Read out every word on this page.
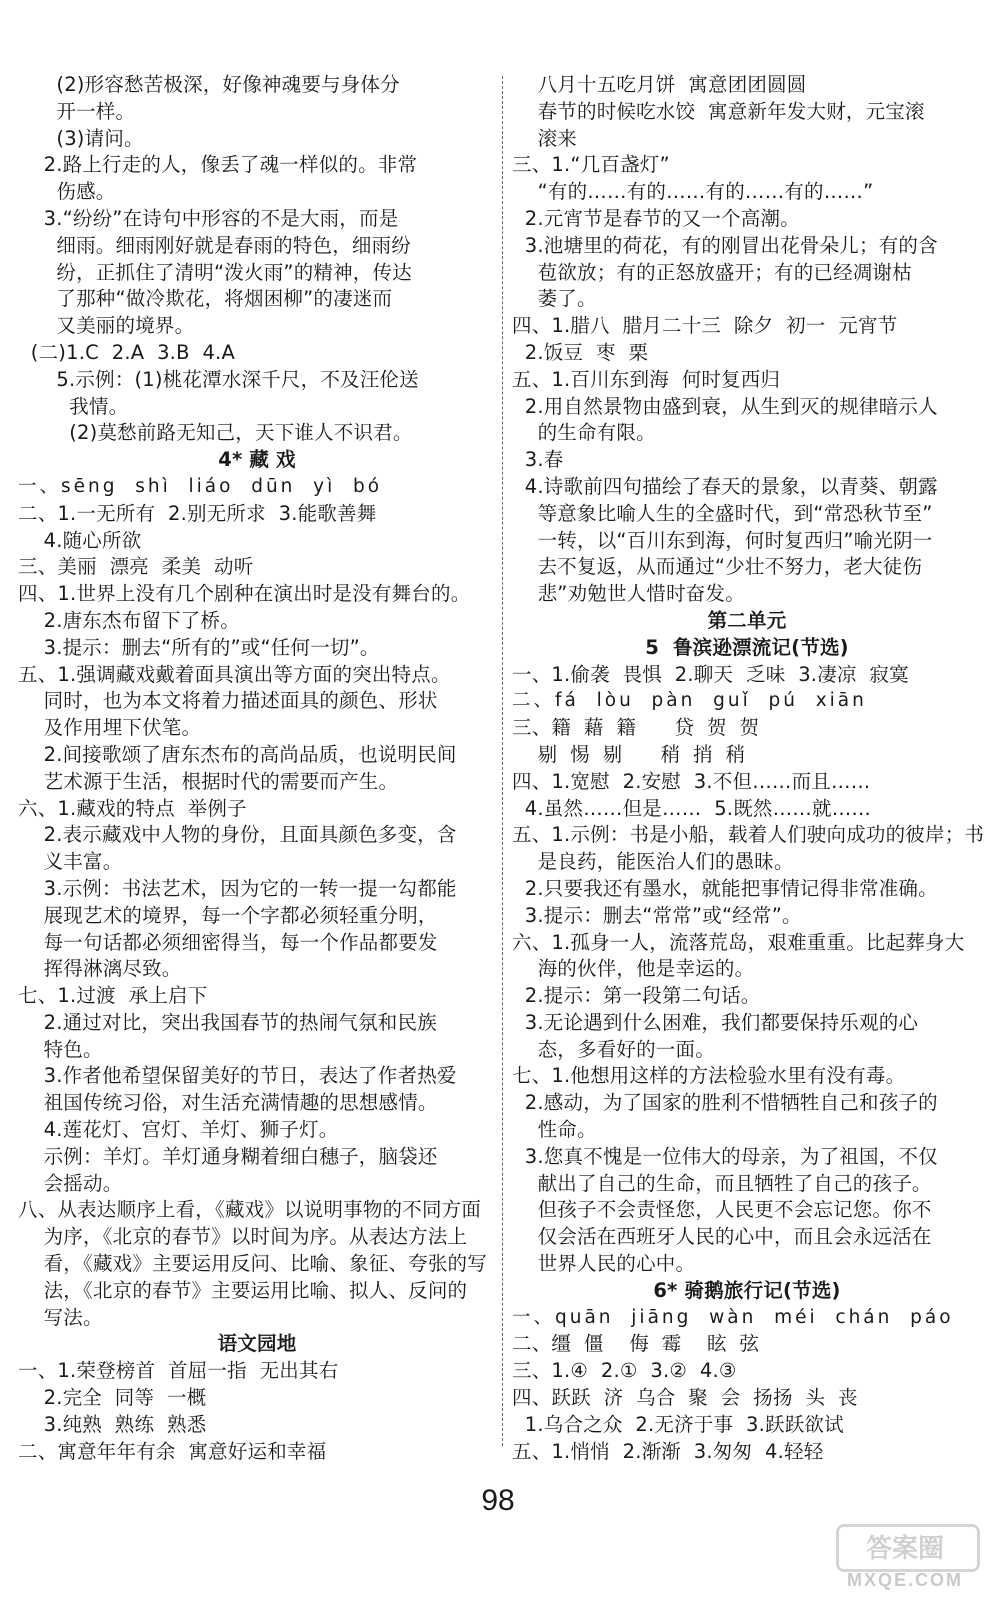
(2)形容愁苦极深，好像神魂要与身体分
开一样。
(3)请问。
2.路上行走的人，像丢了魂一样似的。非常
伤感。
3.“纷纷”在诗句中形容的不是大雨，而是
细雨。细雨刚好就是春雨的特色，细雨纷
纷，正抓住了清明“泼火雨”的精神，传达
了那种“做冷欺花，将烟困柳”的凄迷而
又美丽的境界。
(二)1.C  2.A  3.B  4.A
5.示例：(1)桃花潭水深千尺，不及汪伦送
我情。
(2)莫愁前路无知己，天下谁人不识君。
4* 藏 戏
一、sēng  shì  liáo  dūn  yì  bó
二、1.一无所有  2.别无所求  3.能歌善舞
4.随心所欲
三、美丽  漂亮  柔美  动听
四、1.世界上没有几个剧种在演出时是没有舞台的。
2.唐东杰布留下了桥。
3.提示：删去“所有的”或“任何一切”。
五、1.强调藏戏戴着面具演出等方面的突出特点。
同时，也为本文将着力描述面具的颜色、形状
及作用埋下伏笔。
2.间接歌颂了唐东杰布的高尚品质，也说明民间
艺术源于生活，根据时代的需要而产生。
六、1.藏戏的特点  举例子
2.表示藏戏中人物的身份，且面具颜色多变，含
义丰富。
3.示例：书法艺术，因为它的一转一提一勾都能
展现艺术的境界，每一个字都必须轻重分明，
每一句话都必须细密得当，每一个作品都要发
挥得淋漓尽致。
七、1.过渡  承上启下
2.通过对比，突出我国春节的热闹气氛和民族
特色。
3.作者他希望保留美好的节日，表达了作者热爱
祖国传统习俗，对生活充满情趣的思想感情。
4.莲花灯、宫灯、羊灯、狮子灯。
示例：羊灯。羊灯通身糊着细白穗子，脑袋还
会摇动。
八、从表达顺序上看，《藏戏》以说明事物的不同方面
为序，《北京的春节》以时间为序。从表达方法上
看，《藏戏》主要运用反问、比喻、象征、夸张的写
法，《北京的春节》主要运用比喻、拟人、反问的
写法。
语文园地
一、1.荣登榜首  首屈一指  无出其右
2.完全  同等  一概
3.纯熟  熟练  熟悉
二、寓意年年有余  寓意好运和幸福
八月十五吃月饼  寓意团团圆圆
春节的时候吃水饺  寓意新年发大财，元宝滚
滚来
三、1.“几百盏灯”
“有的……有的……有的……有的……”
2.元宵节是春节的又一个高潮。
3.池塘里的荷花，有的刚冒出花骨朵儿；有的含
苞欲放；有的正怒放盛开；有的已经凋谢枯
萎了。
四、1.腊八  腊月二十三  除夕  初一  元宵节
2.饭豆  枣  栗
五、1.百川东到海  何时复西归
2.用自然景物由盛到衰，从生到灭的规律暗示人
的生命有限。
3.春
4.诗歌前四句描绘了春天的景象，以青葵、朝露
等意象比喻人生的全盛时代，到“常恐秋节至”
一转，以“百川东到海，何时复西归”喻光阴一
去不复返，从而通过“少壮不努力，老大徒伤
悲”劝勉世人惜时奋发。
第二单元
5  鲁滨逊漂流记(节选)
一、1.偷袭  畏惧  2.聊天  乏味  3.凄凉  寂寞
二、fá  lòu  pàn  guǐ  pú  xiān
三、籍  藉  籍      贷  贺  贺
剔  惕  剔      稍  捎  稍
四、1.宽慰  2.安慰  3.不但……而且……
4.虽然……但是……  5.既然……就……
五、1.示例：书是小船，载着人们驶向成功的彼岸；书
是良药，能医治人们的愚昧。
2.只要我还有墨水，就能把事情记得非常准确。
3.提示：删去“常常”或“经常”。
六、1.孤身一人，流落荒岛，艰难重重。比起葬身大
海的伙伴，他是幸运的。
2.提示：第一段第二句话。
3.无论遇到什么困难，我们都要保持乐观的心
态，多看好的一面。
七、1.他想用这样的方法检验水里有没有毒。
2.感动，为了国家的胜利不惜牺牲自己和孩子的
性命。
3.您真不愧是一位伟大的母亲，为了祖国，不仅
献出了自己的生命，而且牺牲了自己的孩子。
但孩子不会责怪您，人民更不会忘记您。你不
仅会活在西班牙人民的心中，而且会永远活在
世界人民的心中。
6* 骑鹅旅行记(节选)
一、quān  jiāng  wàn  méi  chán  páo
二、缰  僵    侮  霉    眩  弦
三、1.④  2.①  3.②  4.③
四、跃跃  济  乌合  聚  会  扬扬  头  丧
1.乌合之众  2.无济于事  3.跃跃欲试
五、1.悄悄  2.渐渐  3.匆匆  4.轻轻
98
答案圈
MXQE.COM
